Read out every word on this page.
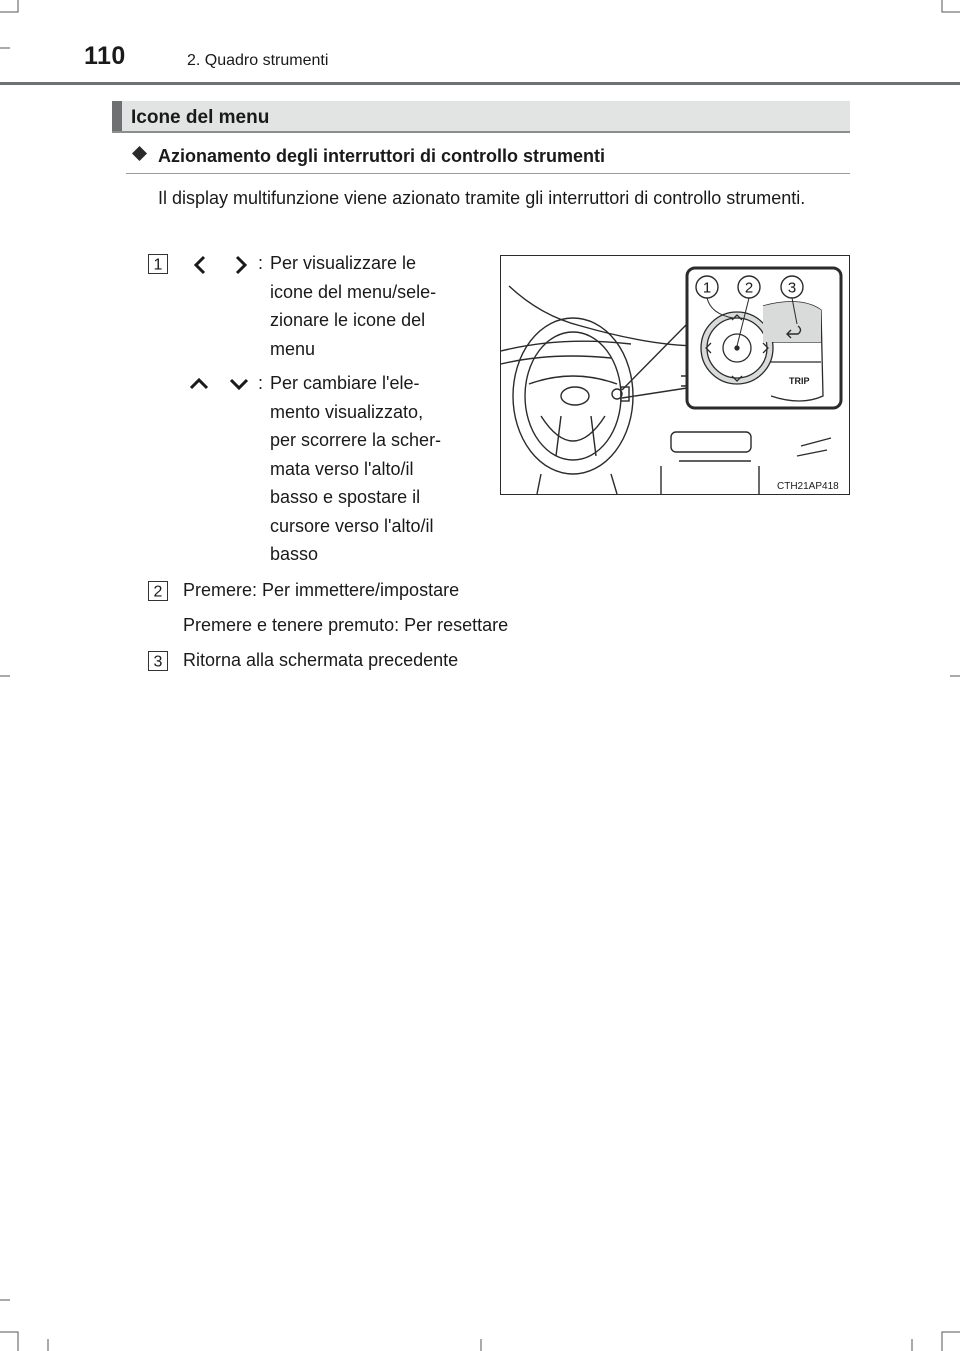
110	2. Quadro strumenti
Icone del menu
Azionamento degli interruttori di controllo strumenti
Il display multifunzione viene azionato tramite gli interruttori di controllo strumenti.
1	: Per visualizzare le
icone del menu/sele-
zionare le icone del
menu
: Per cambiare l'ele-
mento visualizzato,
per scorrere la scher-
mata verso l'alto/il
basso e spostare il
cursore verso l'alto/il
basso
2 Premere: Per immettere/impostare
Premere e tenere premuto: Per resettare
3 Ritorna alla schermata precedente
TRIP
1 2 3
CTH21AP418
